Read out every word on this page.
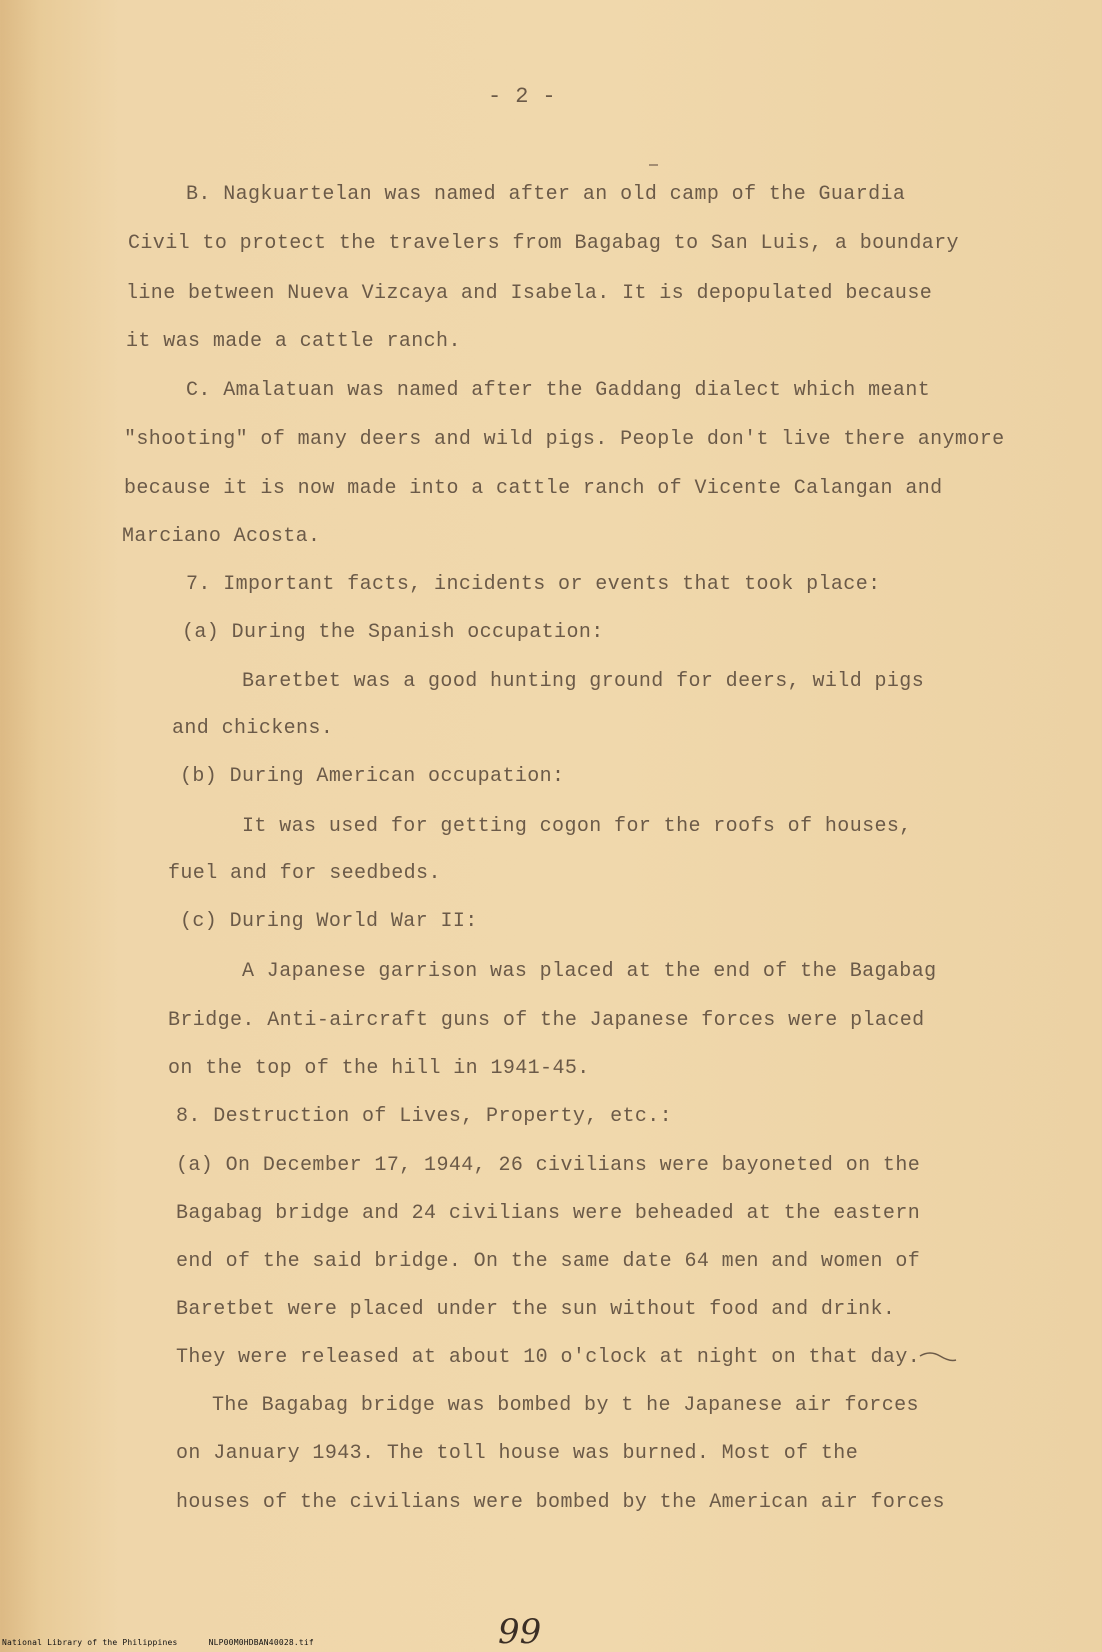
- 2 -
B. Nagkuartelan was named after an old camp of the Guardia
Civil to protect the travelers from Bagabag to San Luis, a boundary
line between Nueva Vizcaya and Isabela. It is depopulated because
it was made a cattle ranch.
C. Amalatuan was named after the Gaddang dialect which meant
"shooting" of many deers and wild pigs. People don't live there anymore
because it is now made into a cattle ranch of Vicente Calangan and
Marciano Acosta.
7. Important facts, incidents or events that took place:
(a) During the Spanish occupation:
Baretbet was a good hunting ground for deers, wild pigs
and chickens.
(b) During American occupation:
It was used for getting cogon for the roofs of houses,
fuel and for seedbeds.
(c) During World War II:
A Japanese garrison was placed at the end of the Bagabag
Bridge. Anti-aircraft guns of the Japanese forces were placed
on the top of the hill in 1941-45.
8. Destruction of Lives, Property, etc.:
(a) On December 17, 1944, 26 civilians were bayoneted on the
Bagabag bridge and 24 civilians were beheaded at the eastern
end of the said bridge. On the same date 64 men and women of
Baretbet were placed under the sun without food and drink.
They were released at about 10 o'clock at night on that day.
The Bagabag bridge was bombed by t he Japanese air forces
on January 1943. The toll house was burned. Most of the
houses of the civilians were bombed by the American air forces
99
National Library of the Philippines	NLP00M0HDBAN40028.tif
